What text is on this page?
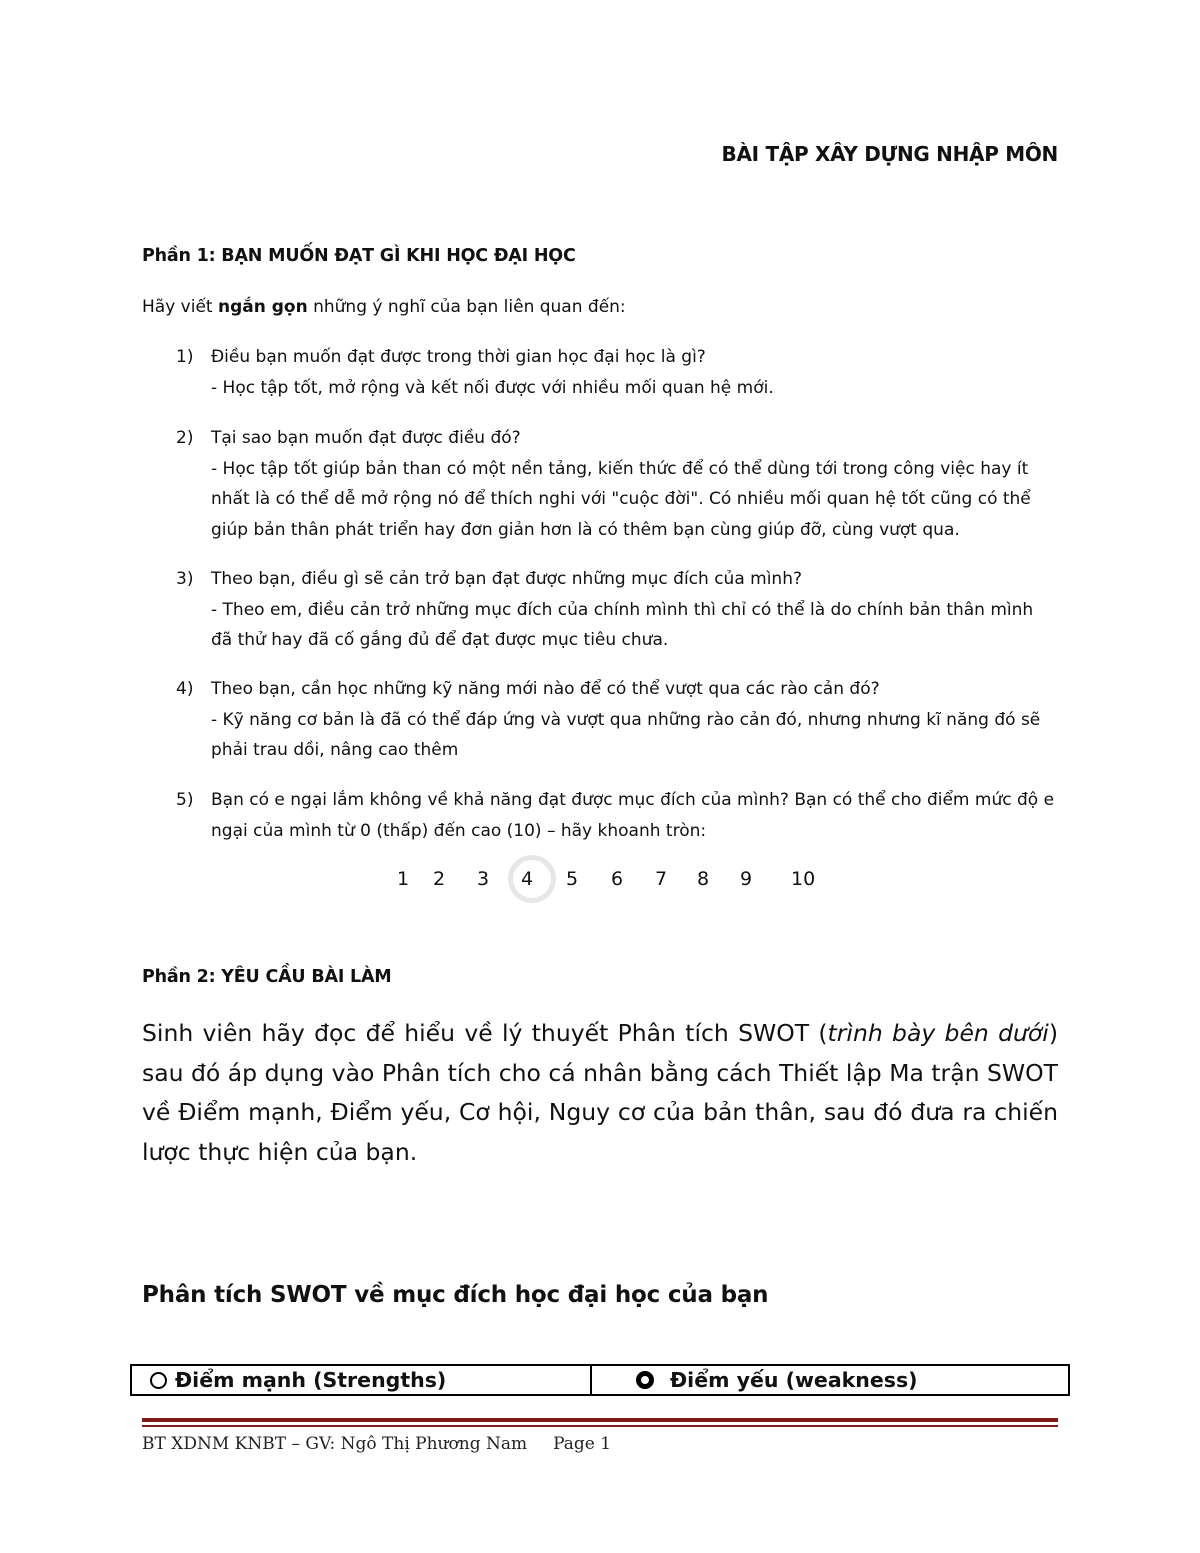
BÀI TẬP XÂY DỰNG NHẬP MÔN
Phần 1: BẠN MUỐN ĐẠT GÌ KHI HỌC ĐẠI HỌC
Hãy viết ngắn gọn những ý nghĩ của bạn liên quan đến:
1) Điều bạn muốn đạt được trong thời gian học đại học là gì?
- Học tập tốt, mở rộng và kết nối được với nhiều mối quan hệ mới.
2) Tại sao bạn muốn đạt được điều đó?
- Học tập tốt giúp bản than có một nền tảng, kiến thức để có thể dùng tới trong công việc hay ít nhất là có thể dễ mở rộng nó để thích nghi với "cuộc đời". Có nhiều mối quan hệ tốt cũng có thể giúp bản thân phát triển hay đơn giản hơn là có thêm bạn cùng giúp đỡ, cùng vượt qua.
3) Theo bạn, điều gì sẽ cản trở bạn đạt được những mục đích của mình?
- Theo em, điều cản trở những mục đích của chính mình thì chỉ có thể là do chính bản thân mình đã thử hay đã cố gắng đủ để đạt được mục tiêu chưa.
4) Theo bạn, cần học những kỹ năng mới nào để có thể vượt qua các rào cản đó?
- Kỹ năng cơ bản là đã có thể đáp ứng và vượt qua những rào cản đó, nhưng nhưng kĩ năng đó sẽ phải trau dồi, nâng cao thêm
5) Bạn có e ngại lắm không về khả năng đạt được mục đích của mình? Bạn có thể cho điểm mức độ e ngại của mình từ 0 (thấp) đến cao (10) – hãy khoanh tròn:
1 2 3 4 5 6 7 8 9 10
Phần 2: YÊU CẦU BÀI LÀM
Sinh viên hãy đọc để hiểu về lý thuyết Phân tích SWOT (trình bày bên dưới) sau đó áp dụng vào Phân tích cho cá nhân bằng cách Thiết lập Ma trận SWOT về Điểm mạnh, Điểm yếu, Cơ hội, Nguy cơ của bản thân, sau đó đưa ra chiến lược thực hiện của bạn.
Phân tích SWOT về mục đích học đại học của bạn
Điểm mạnh (Strengths)	Điểm yếu (weakness)
BT XDNM KNBT – GV: Ngô Thị Phương Nam Page 1
